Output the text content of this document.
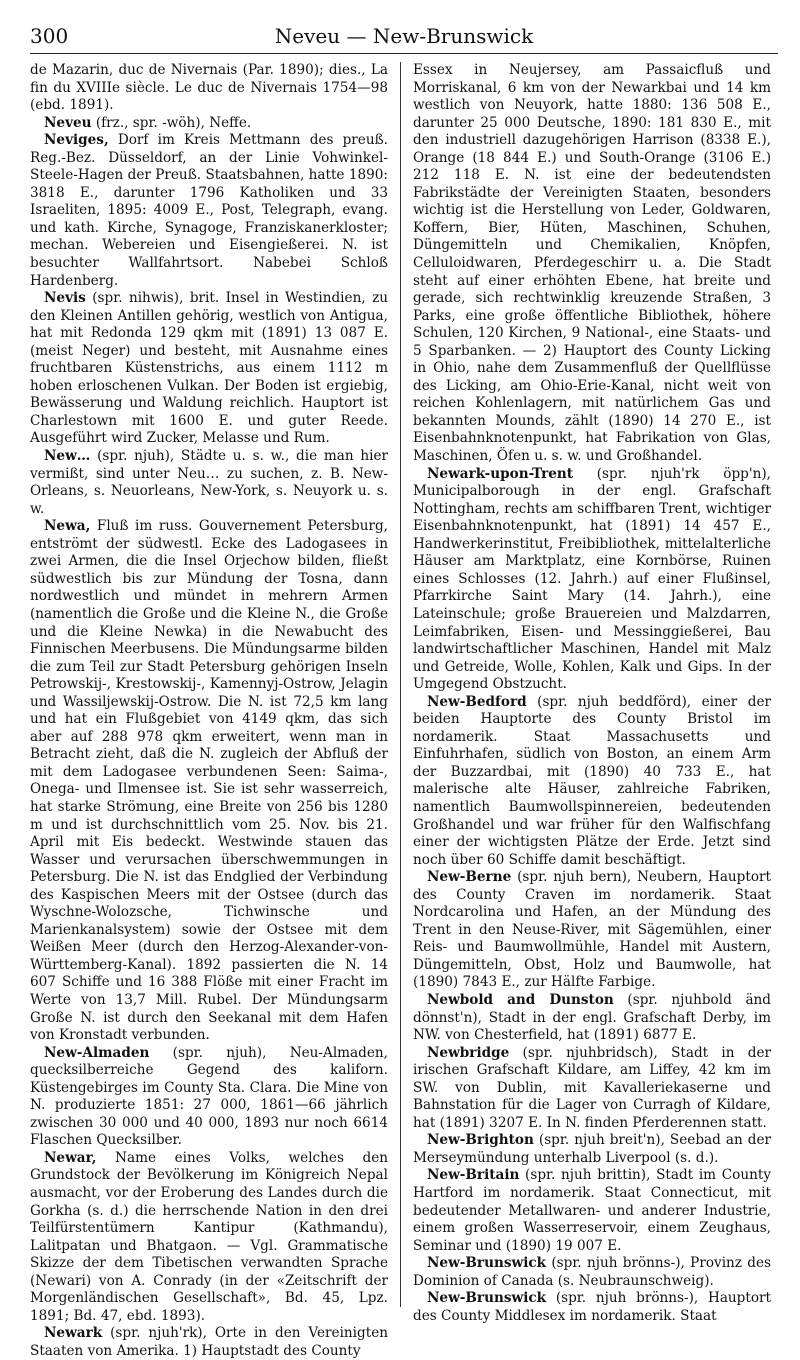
300	Neveu — New-Brunswick

de Mazarin, duc de Nivernais (Par. 1890); dies., La fin du XVIIIe siècle. Le duc de Nivernais 1754—98 (ebd. 1891).

Neveu (frz., spr. -wöh), Neffe.

Neviges, Dorf im Kreis Mettmann des preuß. Reg.-Bez. Düsseldorf, an der Linie Vohwinkel-Steele-Hagen der Preuß. Staatsbahnen, hatte 1890: 3818 E., darunter 1796 Katholiken und 33 Israeliten, 1895: 4009 E., Post, Telegraph, evang. und kath. Kirche, Synagoge, Franziskanerkloster; mechan. Webereien und Eisengießerei. N. ist besuchter Wallfahrtsort. Nabebei Schloß Hardenberg.

Nevis (spr. nihwis), brit. Insel in Westindien, zu den Kleinen Antillen gehörig, westlich von Antigua, hat mit Redonda 129 qkm mit (1891) 13 087 E. (meist Neger) und besteht, mit Ausnahme eines fruchtbaren Küstenstrichs, aus einem 1112 m hoben erloschenen Vulkan. Der Boden ist ergiebig, Bewässerung und Waldung reichlich. Hauptort ist Charlestown mit 1600 E. und guter Reede. Ausgeführt wird Zucker, Melasse und Rum.

New… (spr. njuh), Städte u. s. w., die man hier vermißt, sind unter Neu… zu suchen, z. B. New-Orleans, s. Neuorleans, New-York, s. Neuyork u. s. w.

Newa, Fluß im russ. Gouvernement Petersburg, entströmt der südwestl. Ecke des Ladogasees in zwei Armen, die die Insel Orjechow bilden, fließt südwestlich bis zur Mündung der Tosna, dann nordwestlich und mündet in mehrern Armen (namentlich die Große und die Kleine N., die Große und die Kleine Newka) in die Newabucht des Finnischen Meerbusens. Die Mündungsarme bilden die zum Teil zur Stadt Petersburg gehörigen Inseln Petrowskij-, Krestowskij-, Kamennyj-Ostrow, Jelagin und Wassiljewskij-Ostrow. Die N. ist 72,5 km lang und hat ein Flußgebiet von 4149 qkm, das sich aber auf 288 978 qkm erweitert, wenn man in Betracht zieht, daß die N. zugleich der Abfluß der mit dem Ladogasee verbundenen Seen: Saima-, Onega- und Ilmensee ist. Sie ist sehr wasserreich, hat starke Strömung, eine Breite von 256 bis 1280 m und ist durchschnittlich vom 25. Nov. bis 21. April mit Eis bedeckt. Westwinde stauen das Wasser und verursachen überschwemmungen in Petersburg. Die N. ist das Endglied der Verbindung des Kaspischen Meers mit der Ostsee (durch das Wyschne-Wolozsche, Tichwinsche und Marienkanalsystem) sowie der Ostsee mit dem Weißen Meer (durch den Herzog-Alexander-von-Württemberg-Kanal). 1892 passierten die N. 14 607 Schiffe und 16 388 Flöße mit einer Fracht im Werte von 13,7 Mill. Rubel. Der Mündungsarm Große N. ist durch den Seekanal mit dem Hafen von Kronstadt verbunden.

New-Almaden (spr. njuh), Neu-Almaden, quecksilberreiche Gegend des kaliforn. Küstengebirges im County Sta. Clara. Die Mine von N. produzierte 1851: 27 000, 1861—66 jährlich zwischen 30 000 und 40 000, 1893 nur noch 6614 Flaschen Quecksilber.

Newar, Name eines Volks, welches den Grundstock der Bevölkerung im Königreich Nepal ausmacht, vor der Eroberung des Landes durch die Gorkha (s. d.) die herrschende Nation in den drei Teilfürstentümern Kantipur (Kathmandu), Lalitpatan und Bhatgaon. — Vgl. Grammatische Skizze der dem Tibetischen verwandten Sprache (Newari) von A. Conrady (in der «Zeitschrift der Morgenländischen Gesellschaft», Bd. 45, Lpz. 1891; Bd. 47, ebd. 1893).

Newark (spr. njuh'rk), Orte in den Vereinigten Staaten von Amerika. 1) Hauptstadt des County

Essex in Neujersey, am Passaicfluß und Morriskanal, 6 km von der Newarkbai und 14 km westlich von Neuyork, hatte 1880: 136 508 E., darunter 25 000 Deutsche, 1890: 181 830 E., mit den industriell dazugehörigen Harrison (8338 E.), Orange (18 844 E.) und South-Orange (3106 E.) 212 118 E. N. ist eine der bedeutendsten Fabrikstädte der Vereinigten Staaten, besonders wichtig ist die Herstellung von Leder, Goldwaren, Koffern, Bier, Hüten, Maschinen, Schuhen, Düngemitteln und Chemikalien, Knöpfen, Celluloidwaren, Pferdegeschirr u. a. Die Stadt steht auf einer erhöhten Ebene, hat breite und gerade, sich rechtwinklig kreuzende Straßen, 3 Parks, eine große öffentliche Bibliothek, höhere Schulen, 120 Kirchen, 9 National-, eine Staats- und 5 Sparbanken. — 2) Hauptort des County Licking in Ohio, nahe dem Zusammenfluß der Quellflüsse des Licking, am Ohio-Erie-Kanal, nicht weit von reichen Kohlenlagern, mit natürlichem Gas und bekannten Mounds, zählt (1890) 14 270 E., ist Eisenbahnknotenpunkt, hat Fabrikation von Glas, Maschinen, Öfen u. s. w. und Großhandel.

Newark-upon-Trent (spr. njuh'rk öpp'n), Municipalborough in der engl. Grafschaft Nottingham, rechts am schiffbaren Trent, wichtiger Eisenbahnknotenpunkt, hat (1891) 14 457 E., Handwerkerinstitut, Freibibliothek, mittelalterliche Häuser am Marktplatz, eine Kornbörse, Ruinen eines Schlosses (12. Jahrh.) auf einer Flußinsel, Pfarrkirche Saint Mary (14. Jahrh.), eine Lateinschule; große Brauereien und Malzdarren, Leimfabriken, Eisen- und Messinggießerei, Bau landwirtschaftlicher Maschinen, Handel mit Malz und Getreide, Wolle, Kohlen, Kalk und Gips. In der Umgegend Obstzucht.

New-Bedford (spr. njuh beddförd), einer der beiden Hauptorte des County Bristol im nordamerik. Staat Massachusetts und Einfuhrhafen, südlich von Boston, an einem Arm der Buzzardbai, mit (1890) 40 733 E., hat malerische alte Häuser, zahlreiche Fabriken, namentlich Baumwollspinnereien, bedeutenden Großhandel und war früher für den Walfischfang einer der wichtigsten Plätze der Erde. Jetzt sind noch über 60 Schiffe damit beschäftigt.

New-Berne (spr. njuh bern), Neubern, Hauptort des County Craven im nordamerik. Staat Nordcarolina und Hafen, an der Mündung des Trent in den Neuse-River, mit Sägemühlen, einer Reis- und Baumwollmühle, Handel mit Austern, Düngemitteln, Obst, Holz und Baumwolle, hat (1890) 7843 E., zur Hälfte Farbige.

Newbold and Dunston (spr. njuhbold änd dönnst'n), Stadt in der engl. Grafschaft Derby, im NW. von Chesterfield, hat (1891) 6877 E.

Newbridge (spr. njuhbridsch), Stadt in der irischen Grafschaft Kildare, am Liffey, 42 km im SW. von Dublin, mit Kavalleriekaserne und Bahnstation für die Lager von Curragh of Kildare, hat (1891) 3207 E. In N. finden Pferderennen statt.

New-Brighton (spr. njuh breit'n), Seebad an der Merseymündung unterhalb Liverpool (s. d.).

New-Britain (spr. njuh brittin), Stadt im County Hartford im nordamerik. Staat Connecticut, mit bedeutender Metallwaren- und anderer Industrie, einem großen Wasserreservoir, einem Zeughaus, Seminar und (1890) 19 007 E.

New-Brunswick (spr. njuh brönns-), Provinz des Dominion of Canada (s. Neubraunschweig).

New-Brunswick (spr. njuh brönns-), Hauptort des County Middlesex im nordamerik. Staat
